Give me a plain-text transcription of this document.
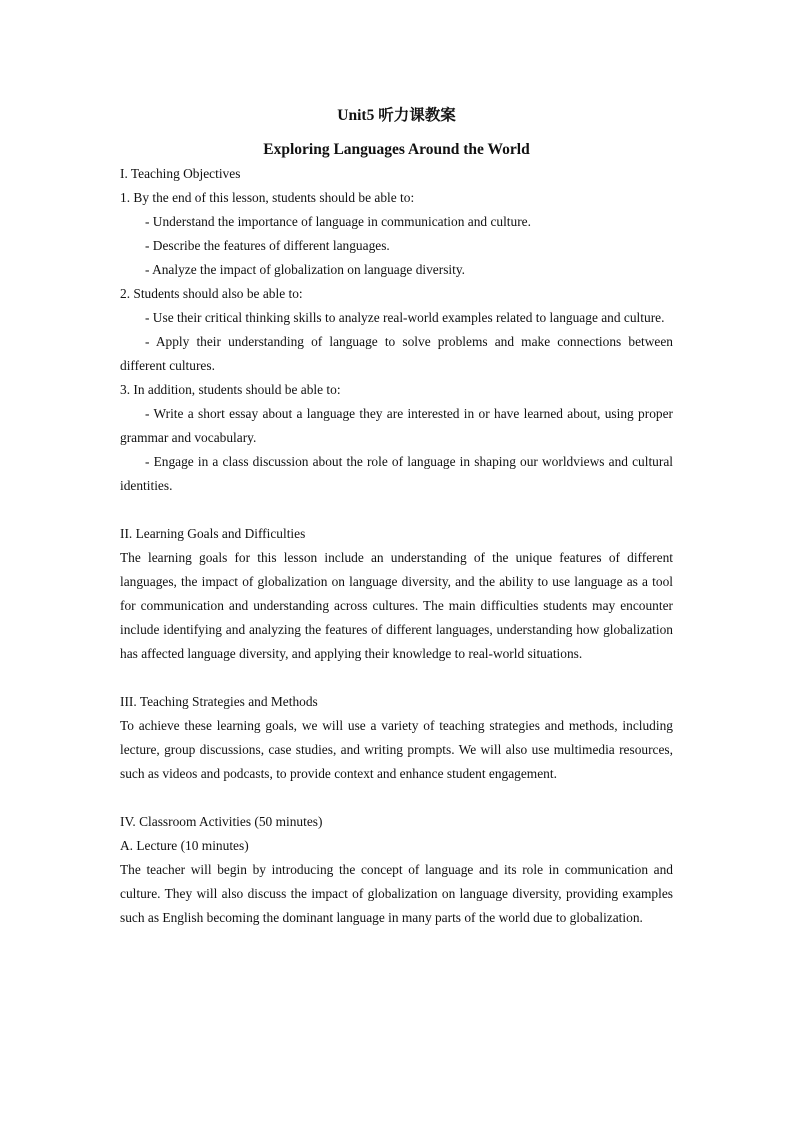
Unit5 听力课教案

Exploring Languages Around the World

I. Teaching Objectives

1. By the end of this lesson, students should be able to:

- Understand the importance of language in communication and culture.

- Describe the features of different languages.

- Analyze the impact of globalization on language diversity.

2. Students should also be able to:

- Use their critical thinking skills to analyze real-world examples related to language and culture.

- Apply their understanding of language to solve problems and make connections between different cultures.

3. In addition, students should be able to:

- Write a short essay about a language they are interested in or have learned about, using proper grammar and vocabulary.

- Engage in a class discussion about the role of language in shaping our worldviews and cultural identities.

II. Learning Goals and Difficulties

The learning goals for this lesson include an understanding of the unique features of different languages, the impact of globalization on language diversity, and the ability to use language as a tool for communication and understanding across cultures. The main difficulties students may encounter include identifying and analyzing the features of different languages, understanding how globalization has affected language diversity, and applying their knowledge to real-world situations.

III. Teaching Strategies and Methods

To achieve these learning goals, we will use a variety of teaching strategies and methods, including lecture, group discussions, case studies, and writing prompts. We will also use multimedia resources, such as videos and podcasts, to provide context and enhance student engagement.

IV. Classroom Activities (50 minutes)

A. Lecture (10 minutes)

The teacher will begin by introducing the concept of language and its role in communication and culture. They will also discuss the impact of globalization on language diversity, providing examples such as English becoming the dominant language in many parts of the world due to globalization.
